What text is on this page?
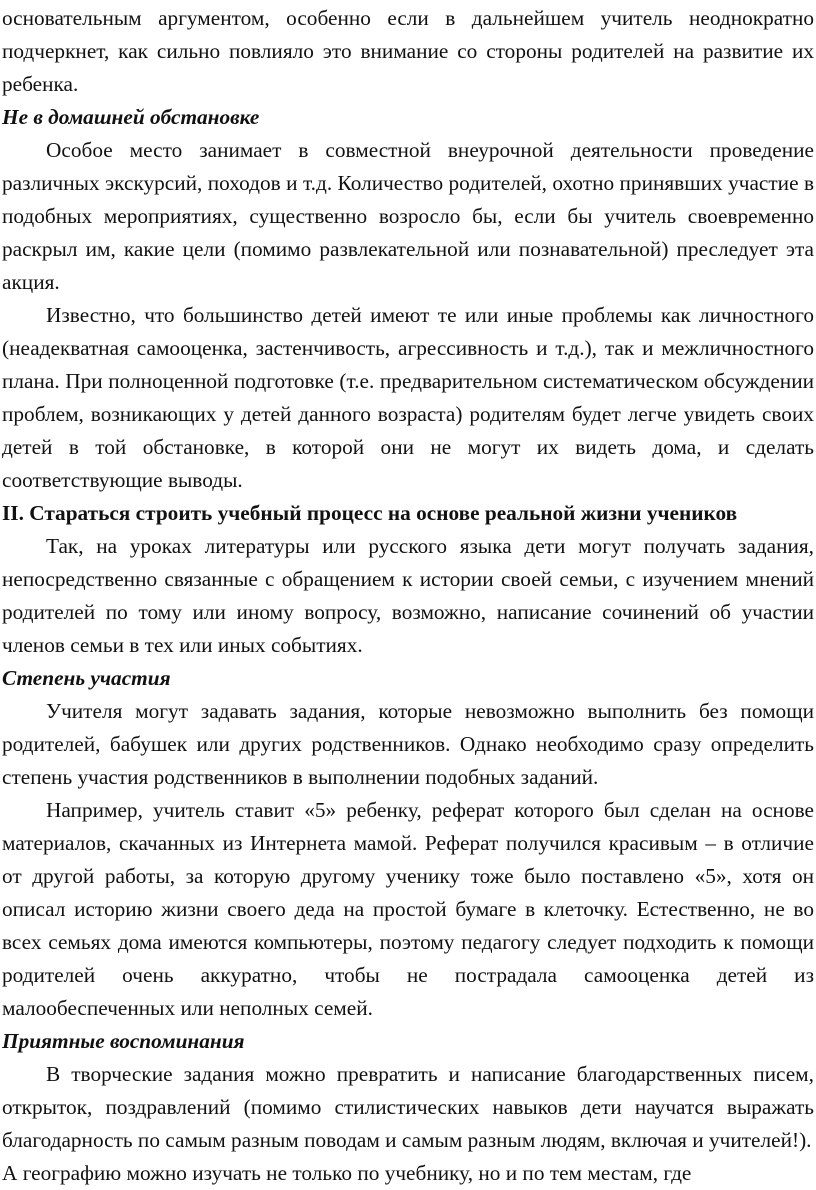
основательным аргументом, особенно если в дальнейшем учитель неоднократно подчеркнет, как сильно повлияло это внимание со стороны родителей на развитие их ребенка.

Не в домашней обстановке

Особое место занимает в совместной внеурочной деятельности проведение различных экскурсий, походов и т.д. Количество родителей, охотно принявших участие в подобных мероприятиях, существенно возросло бы, если бы учитель своевременно раскрыл им, какие цели (помимо развлекательной или познавательной) преследует эта акция.

Известно, что большинство детей имеют те или иные проблемы как личностного (неадекватная самооценка, застенчивость, агрессивность и т.д.), так и межличностного плана. При полноценной подготовке (т.е. предварительном систематическом обсуждении проблем, возникающих у детей данного возраста) родителям будет легче увидеть своих детей в той обстановке, в которой они не могут их видеть дома, и сделать соответствующие выводы.

II. Стараться строить учебный процесс на основе реальной жизни учеников

Так, на уроках литературы или русского языка дети могут получать задания, непосредственно связанные с обращением к истории своей семьи, с изучением мнений родителей по тому или иному вопросу, возможно, написание сочинений об участии членов семьи в тех или иных событиях.

Степень участия

Учителя могут задавать задания, которые невозможно выполнить без помощи родителей, бабушек или других родственников. Однако необходимо сразу определить степень участия родственников в выполнении подобных заданий.

Например, учитель ставит «5» ребенку, реферат которого был сделан на основе материалов, скачанных из Интернета мамой. Реферат получился красивым – в отличие от другой работы, за которую другому ученику тоже было поставлено «5», хотя он описал историю жизни своего деда на простой бумаге в клеточку. Естественно, не во всех семьях дома имеются компьютеры, поэтому педагогу следует подходить к помощи родителей очень аккуратно, чтобы не пострадала самооценка детей из малообеспеченных или неполных семей.

Приятные воспоминания

В творческие задания можно превратить и написание благодарственных писем, открыток, поздравлений (помимо стилистических навыков дети научатся выражать благодарность по самым разным поводам и самым разным людям, включая и учителей!).

А географию можно изучать не только по учебнику, но и по тем местам, где
